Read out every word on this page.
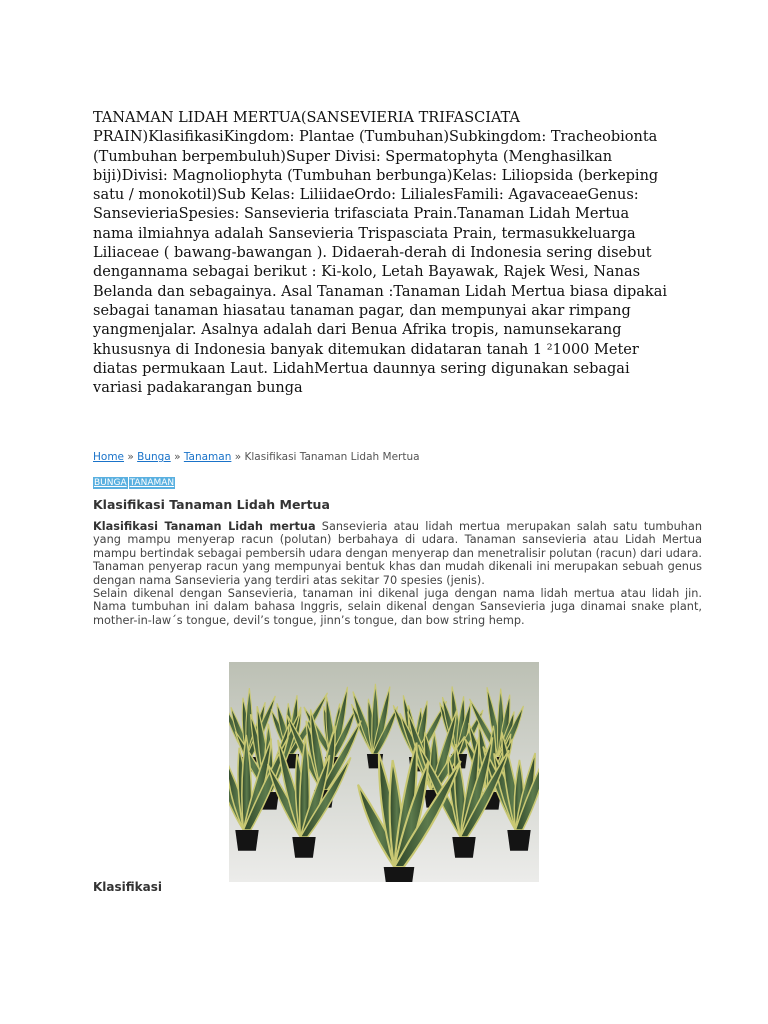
TANAMAN LIDAH MERTUA(SANSEVIERIA TRIFASCIATA PRAIN)KlasifikasiKingdom: Plantae (Tumbuhan)Subkingdom: Tracheobionta (Tumbuhan berpembuluh)Super Divisi: Spermatophyta (Menghasilkan biji)Divisi: Magnoliophyta (Tumbuhan berbunga)Kelas: Liliopsida (berkeping satu / monokotil)Sub Kelas: LiliidaeOrdo: LilialesFamili: AgavaceaeGenus: SansevieriaSpesies: Sansevieria trifasciata Prain.Tanaman Lidah Mertua nama ilmiahnya adalah Sansevieria Trispasciata Prain, termasukkeluarga Liliaceae ( bawang-bawangan ). Didaerah-derah di Indonesia sering disebut dengannama sebagai berikut : Ki-kolo, Letah Bayawak, Rajek Wesi, Nanas Belanda dan sebagainya. Asal Tanaman :Tanaman Lidah Mertua biasa dipakai sebagai tanaman hiasatau tanaman pagar, dan mempunyai akar rimpang yangmenjalar. Asalnya adalah dari Benua Afrika tropis, namunsekarang khususnya di Indonesia banyak ditemukan didataran tanah 1 ²1000 Meter diatas permukaan Laut. LidahMertua daunnya sering digunakan sebagai variasi padakarangan bunga

Home » Bunga » Tanaman » Klasifikasi Tanaman Lidah Mertua
BUNGA TANAMAN
Klasifikasi Tanaman Lidah Mertua

Klasifikasi Tanaman Lidah mertua Sansevieria atau lidah mertua merupakan salah satu tumbuhan yang mampu menyerap racun (polutan) berbahaya di udara. Tanaman sansevieria atau Lidah Mertua mampu bertindak sebagai pembersih udara dengan menyerap dan menetralisir polutan (racun) dari udara. Tanaman penyerap racun yang mempunyai bentuk khas dan mudah dikenali ini merupakan sebuah genus dengan nama Sansevieria yang terdiri atas sekitar 70 spesies (jenis).

Selain dikenal dengan Sansevieria, tanaman ini dikenal juga dengan nama lidah mertua atau lidah jin. Nama tumbuhan ini dalam bahasa Inggris, selain dikenal dengan Sansevieria juga dinamai snake plant, mother-in-law´s tongue, devil’s tongue, jinn’s tongue, dan bow string hemp.

Klasifikasi
